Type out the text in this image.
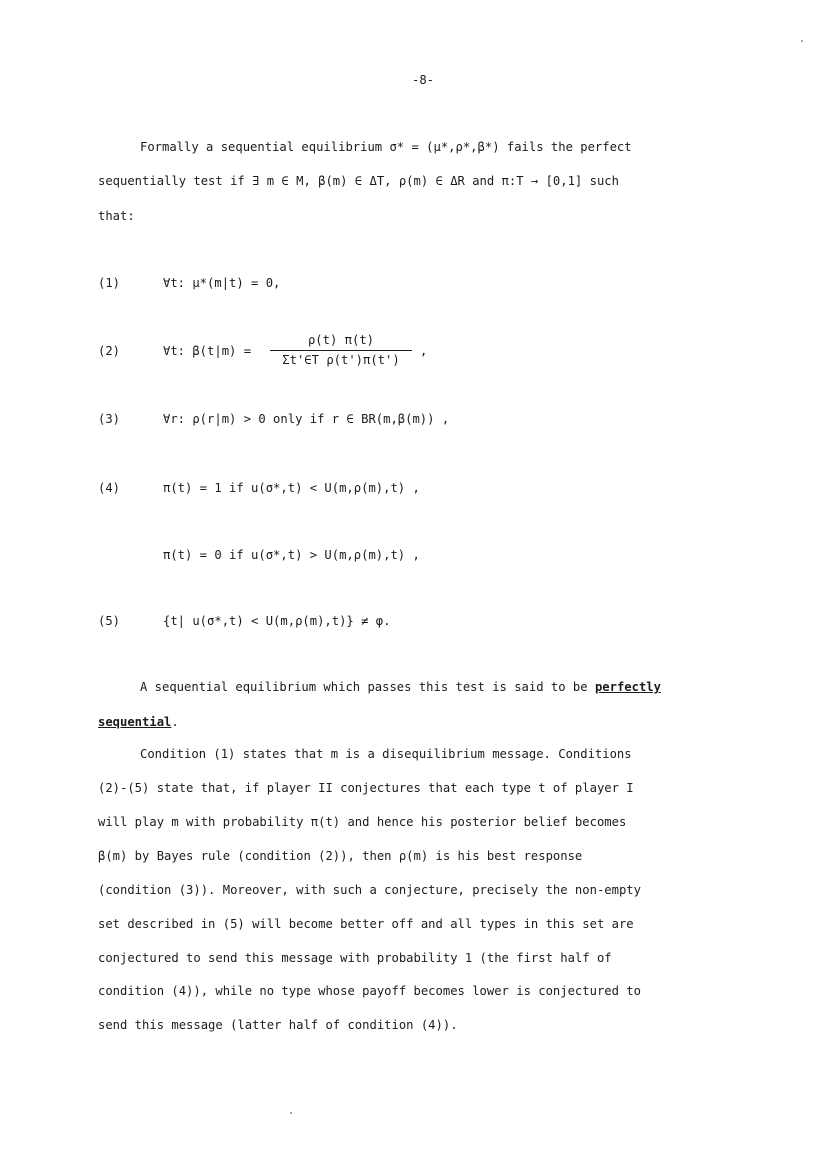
-8-
Formally a sequential equilibrium σ* = (μ*,ρ*,β*) fails the perfect
sequentially test if ∃ m ∈ M, β(m) ∈ ΔT, ρ(m) ∈ ΔR and π:T → [0,1] such
that:
(1)	∀t: μ*(m|t) = 0,
(2)	∀t: β(t|m) =
ρ(t) π(t)
Σt'∈T ρ(t')π(t')
,
(3)	∀r: ρ(r|m) > 0 only if r ∈ BR(m,β(m)) ,
(4)	π(t) = 1 if u(σ*,t) < U(m,ρ(m),t) ,
π(t) = 0 if u(σ*,t) > U(m,ρ(m),t) ,
(5)	{t| u(σ*,t) < U(m,ρ(m),t)} ≠ φ.
A sequential equilibrium which passes this test is said to be perfectly
sequential.
Condition (1) states that m is a disequilibrium message. Conditions
(2)-(5) state that, if player II conjectures that each type t of player I
will play m with probability π(t) and hence his posterior belief becomes
β(m) by Bayes rule (condition (2)), then ρ(m) is his best response
(condition (3)). Moreover, with such a conjecture, precisely the non-empty
set described in (5) will become better off and all types in this set are
conjectured to send this message with probability 1 (the first half of
condition (4)), while no type whose payoff becomes lower is conjectured to
send this message (latter half of condition (4)).
